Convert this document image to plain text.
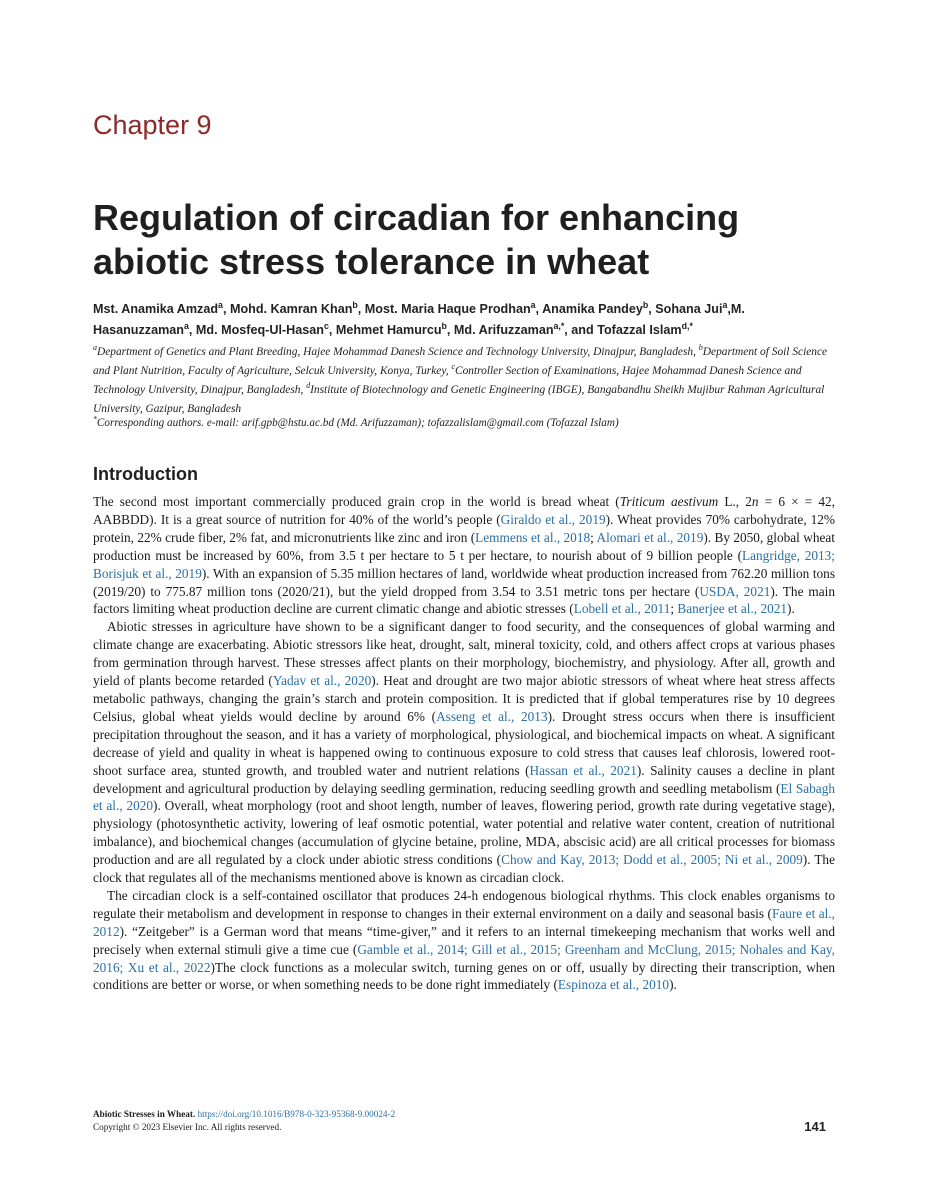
Chapter 9
Regulation of circadian for enhancing
abiotic stress tolerance in wheat
Mst. Anamika Amzad$^a$, Mohd. Kamran Khan$^b$, Most. Maria Haque Prodhan$^a$, Anamika Pandey$^b$, Sohana Jui$^a$,M. Hasanuzzaman$^a$, Md. Mosfeq-Ul-Hasan$^c$, Mehmet Hamurcu$^b$, Md. Arifuzzaman$^{a,*}$, and Tofazzal Islam$^{d,*}$
$^a$Department of Genetics and Plant Breeding, Hajee Mohammad Danesh Science and Technology University, Dinajpur, Bangladesh, $^b$Department of Soil Science and Plant Nutrition, Faculty of Agriculture, Selcuk University, Konya, Turkey, $^c$Controller Section of Examinations, Hajee Mohammad Danesh Science and Technology University, Dinajpur, Bangladesh, $^d$Institute of Biotechnology and Genetic Engineering (IBGE), Bangabandhu Sheikh Mujibur Rahman Agricultural University, Gazipur, Bangladesh
*Corresponding authors. e-mail: arif.gpb@hstu.ac.bd (Md. Arifuzzaman); tofazzalislam@gmail.com (Tofazzal Islam)
Introduction

The second most important commercially produced grain crop in the world is bread wheat (Triticum aestivum L., 2n = 6 × = 42, AABBDD). It is a great source of nutrition for 40% of the world’s people (Giraldo et al., 2019). Wheat provides 70% carbohydrate, 12% protein, 22% crude fiber, 2% fat, and micronutrients like zinc and iron (Lemmens et al., 2018; Alomari et al., 2019). By 2050, global wheat production must be increased by 60%, from 3.5 t per hectare to 5 t per hectare, to nourish about of 9 billion people (Langridge, 2013; Borisjuk et al., 2019). With an expansion of 5.35 million hectares of land, worldwide wheat production increased from 762.20 million tons (2019/20) to 775.87 million tons (2020/21), but the yield dropped from 3.54 to 3.51 metric tons per hectare (USDA, 2021). The main factors limiting wheat production decline are current climatic change and abiotic stresses (Lobell et al., 2011; Banerjee et al., 2021).

Abiotic stresses in agriculture have shown to be a significant danger to food security, and the consequences of global warming and climate change are exacerbating. Abiotic stressors like heat, drought, salt, mineral toxicity, cold, and others affect crops at various phases from germination through harvest. These stresses affect plants on their morphology, biochemistry, and physiology. After all, growth and yield of plants become retarded (Yadav et al., 2020). Heat and drought are two major abiotic stressors of wheat where heat stress affects metabolic pathways, changing the grain’s starch and protein composition. It is predicted that if global temperatures rise by 10 degrees Celsius, global wheat yields would decline by around 6% (Asseng et al., 2013). Drought stress occurs when there is insufficient precipitation throughout the season, and it has a variety of morphological, physiological, and biochemical impacts on wheat. A significant decrease of yield and quality in wheat is happened owing to continuous exposure to cold stress that causes leaf chlorosis, lowered root-shoot surface area, stunted growth, and troubled water and nutrient relations (Hassan et al., 2021). Salinity causes a decline in plant development and agricultural production by delaying seedling germination, reducing seedling growth and seedling metabolism (El Sabagh et al., 2020). Overall, wheat morphology (root and shoot length, number of leaves, flowering period, growth rate during vegetative stage), physiology (photosynthetic activity, lowering of leaf osmotic potential, water potential and relative water content, creation of nutritional imbalance), and biochemical changes (accumulation of glycine betaine, proline, MDA, abscisic acid) are all critical processes for biomass production and are all regulated by a clock under abiotic stress conditions (Chow and Kay, 2013; Dodd et al., 2005; Ni et al., 2009). The clock that regulates all of the mechanisms mentioned above is known as circadian clock.

The circadian clock is a self-contained oscillator that produces 24-h endogenous biological rhythms. This clock enables organisms to regulate their metabolism and development in response to changes in their external environment on a daily and seasonal basis (Faure et al., 2012). “Zeitgeber” is a German word that means “time-giver,” and it refers to an internal timekeeping mechanism that works well and precisely when external stimuli give a time cue (Gamble et al., 2014; Gill et al., 2015; Greenham and McClung, 2015; Nohales and Kay, 2016; Xu et al., 2022)The clock functions as a molecular switch, turning genes on or off, usually by directing their transcription, when conditions are better or worse, or when something needs to be done right immediately (Espinoza et al., 2010).

Abiotic Stresses in Wheat. https://doi.org/10.1016/B978-0-323-95368-9.00024-2
Copyright © 2023 Elsevier Inc. All rights reserved.	141
